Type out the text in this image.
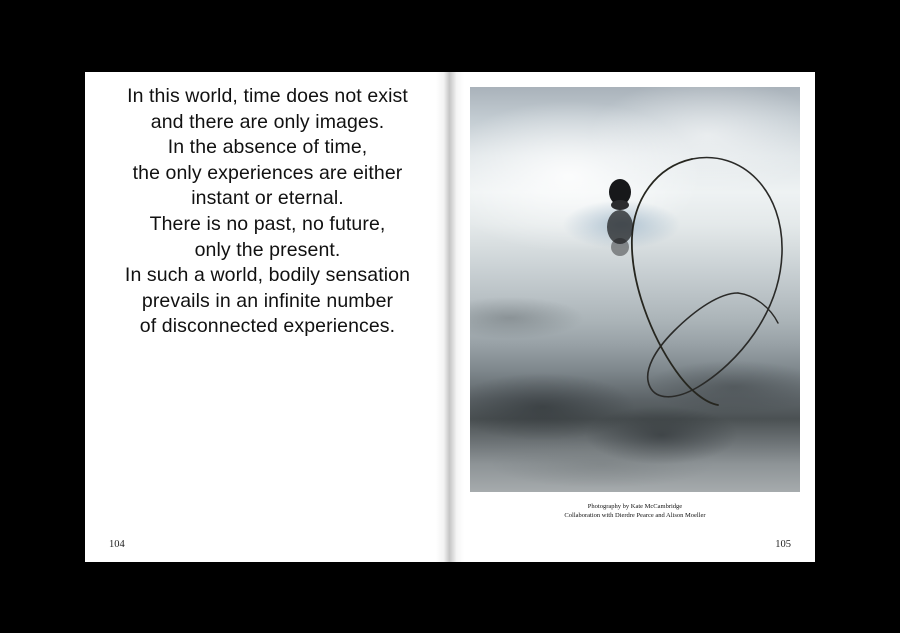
In this world, time does not exist
and there are only images.
In the absence of time,
the only experiences are either
instant or eternal.
There is no past, no future,
only the present.
In such a world, bodily sensation
prevails in an infinite number
of disconnected experiences.
104
Photography by Kate McCambridge
Collaboration with Dierdre Pearce and Alison Moeller
105
